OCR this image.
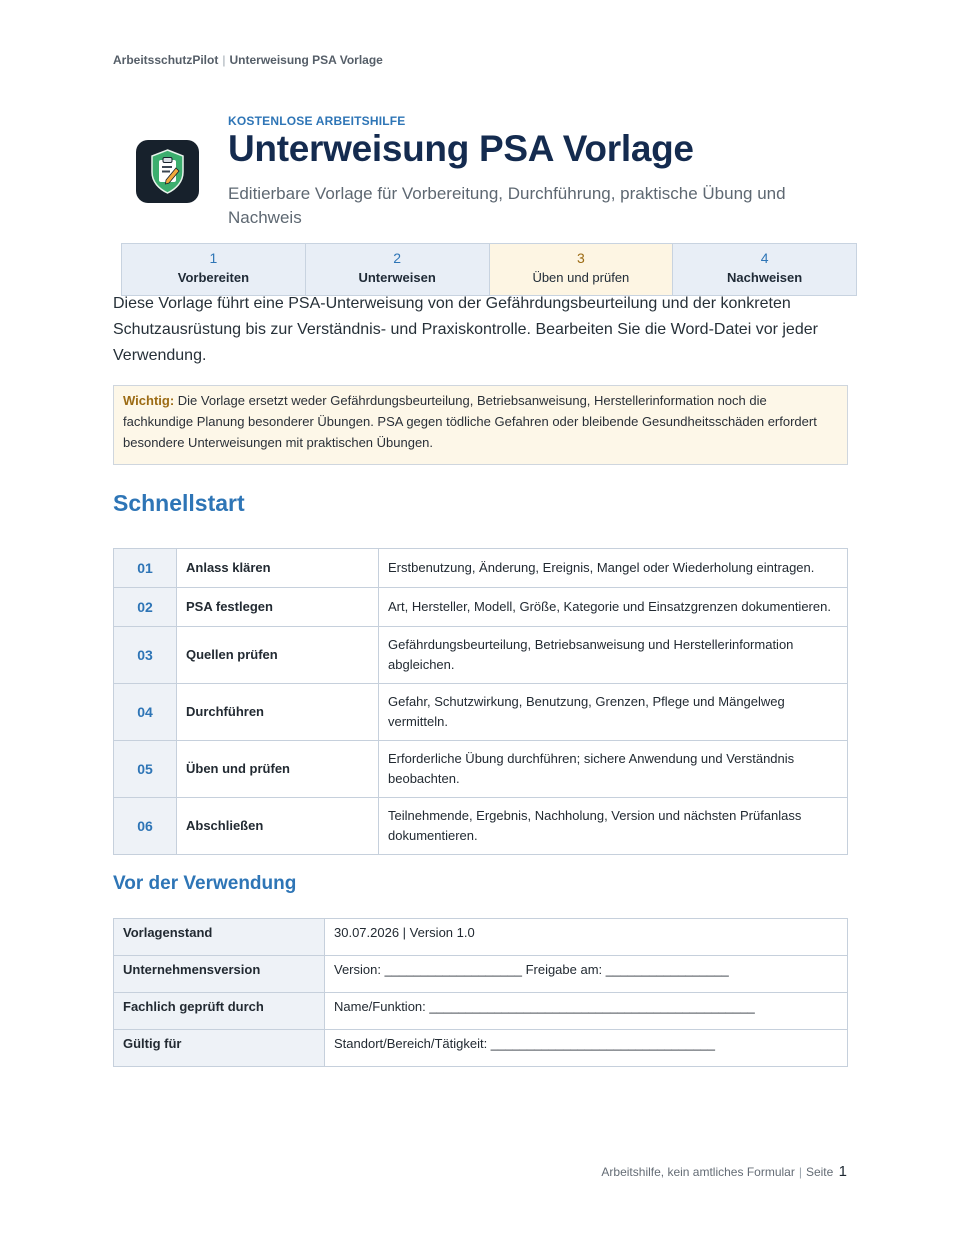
ArbeitsschutzPilot | Unterweisung PSA Vorlage
KOSTENLOSE ARBEITSHILFE
Unterweisung PSA Vorlage
Editierbare Vorlage für Vorbereitung, Durchführung, praktische Übung und Nachweis
1
Vorbereiten
2
Unterweisen
3
Üben und prüfen
4
Nachweisen

Diese Vorlage führt eine PSA-Unterweisung von der Gefährdungsbeurteilung und der konkreten Schutzausrüstung bis zur Verständnis- und Praxiskontrolle. Bearbeiten Sie die Word-Datei vor jeder Verwendung.

Wichtig: Die Vorlage ersetzt weder Gefährdungsbeurteilung, Betriebsanweisung, Herstellerinformation noch die fachkundige Planung besonderer Übungen. PSA gegen tödliche Gefahren oder bleibende Gesundheitsschäden erfordert besondere Unterweisungen mit praktischen Übungen.
Schnellstart
01	Anlass klären	Erstbenutzung, Änderung, Ereignis, Mangel oder Wiederholung eintragen.
02	PSA festlegen	Art, Hersteller, Modell, Größe, Kategorie und Einsatzgrenzen dokumentieren.
03	Quellen prüfen	Gefährdungsbeurteilung, Betriebsanweisung und Herstellerinformation abgleichen.
04	Durchführen	Gefahr, Schutzwirkung, Benutzung, Grenzen, Pflege und Mängelweg vermitteln.
05	Üben und prüfen	Erforderliche Übung durchführen; sichere Anwendung und Verständnis beobachten.
06	Abschließen	Teilnehmende, Ergebnis, Nachholung, Version und nächsten Prüfanlass dokumentieren.
Vor der Verwendung
Vorlagenstand	30.07.2026 | Version 1.0
Unternehmensversion	Version: ___________________ Freigabe am: _________________
Fachlich geprüft durch	Name/Funktion: _____________________________________________
Gültig für	Standort/Bereich/Tätigkeit: _______________________________
Arbeitshilfe, kein amtliches Formular | Seite 1
